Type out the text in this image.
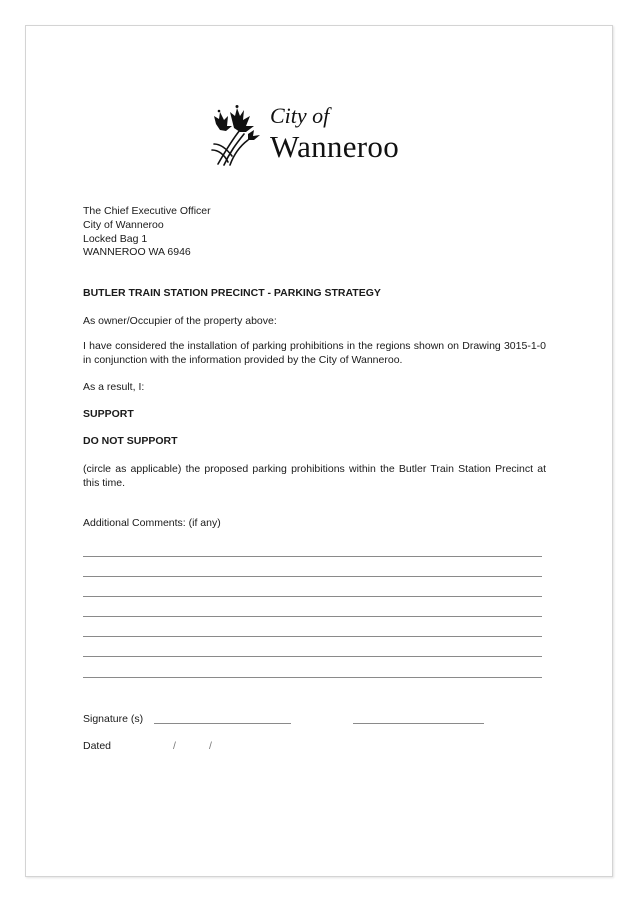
City of
Wanneroo
The Chief Executive Officer
City of Wanneroo
Locked Bag 1
WANNEROO WA 6946
BUTLER TRAIN STATION PRECINCT - PARKING STRATEGY
As owner/Occupier of the property above:
I have considered the installation of parking prohibitions in the regions shown on Drawing 3015-1-0 in conjunction with the information provided by the City of Wanneroo.
As a result, I:
SUPPORT
DO NOT SUPPORT
(circle as applicable) the proposed parking prohibitions within the Butler Train Station Precinct at this time.
Additional Comments: (if any)
Signature (s)
Dated	/	/
